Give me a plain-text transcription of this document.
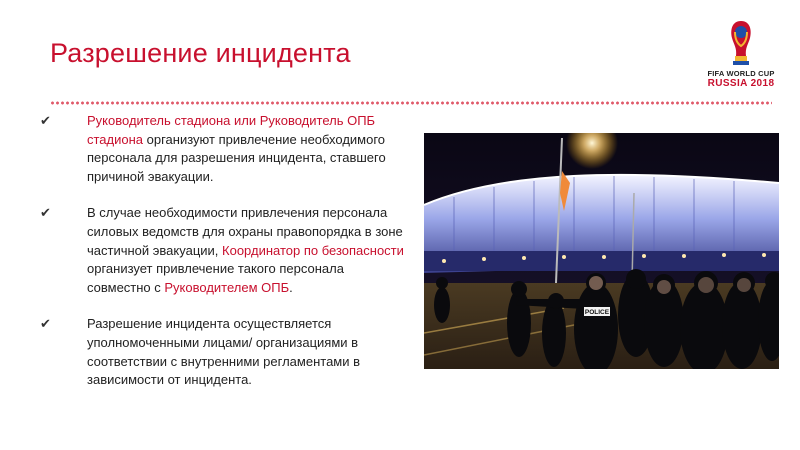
Разрешение инцидента
FIFA WORLD CUP
RUSSIA 2018
✔	Руководитель стадиона или Руководитель ОПБ стадиона организуют привлечение необходимого персонала для разрешения инцидента, ставшего причиной эвакуации.
✔	В случае необходимости привлечения персонала силовых ведомств для охраны правопорядка в зоне частичной эвакуации, Координатор по безопасности организует привлечение такого персонала совместно с Руководителем ОПБ.
✔	Разрешение инцидента осуществляется уполномоченными лицами/ организациями в соответствии с внутренними регламентами в зависимости от инцидента.
POLICE
